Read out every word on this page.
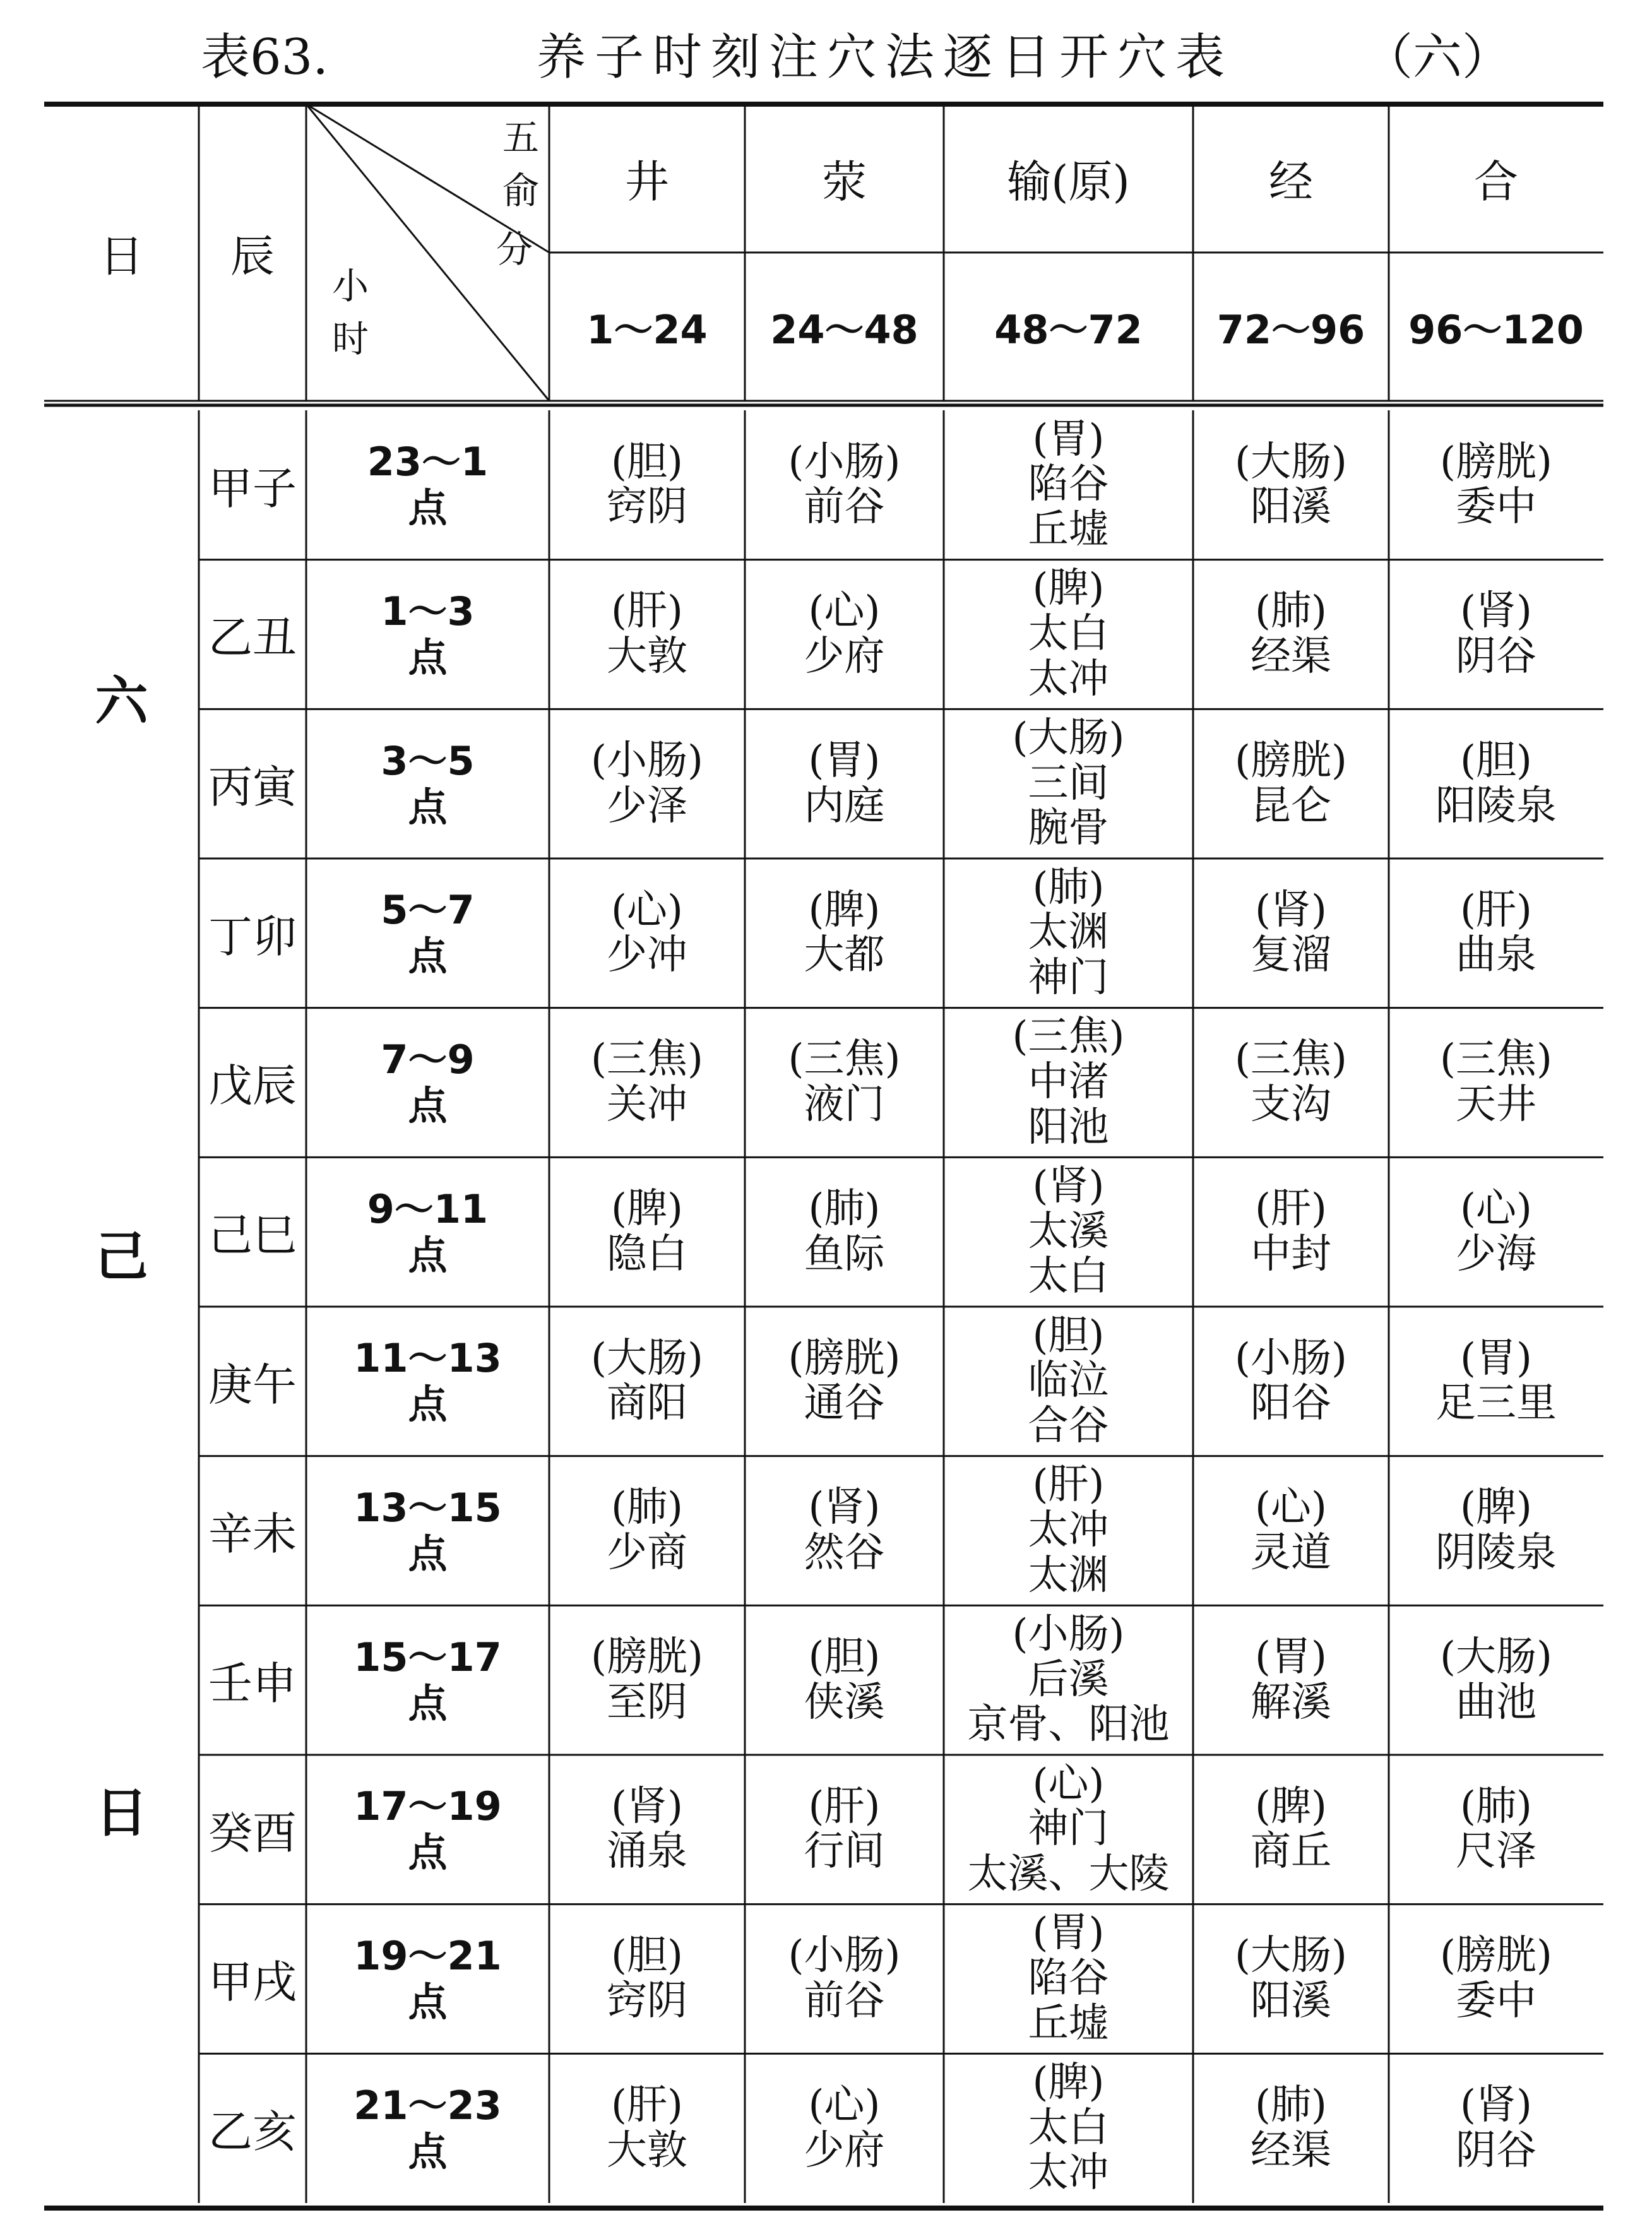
表63.	养子时刻注穴法逐日开穴表	（六）
日 辰
五
俞
小
时
分
井
1～24
荥
24～48
输(原)
48～72
经
72～96
合
96～120
六
己
日
甲子
23～1
点
(胆)
窍阴
(小肠)
前谷
(胃)
陷谷
丘墟
(大肠)
阳溪
(膀胱)
委中
乙丑
1～3
点
(肝)
大敦
(心)
少府
(脾)
太白
太冲
(肺)
经渠
(肾)
阴谷
丙寅
3～5
点
(小肠)
少泽
(胃)
内庭
(大肠)
三间
腕骨
(膀胱)
昆仑
(胆)
阳陵泉
丁卯
5～7
点
(心)
少冲
(脾)
大都
(肺)
太渊
神门
(肾)
复溜
(肝)
曲泉
戊辰
7～9
点
(三焦)
关冲
(三焦)
液门
(三焦)
中渚
阳池
(三焦)
支沟
(三焦)
天井
己巳
9～11
点
(脾)
隐白
(肺)
鱼际
(肾)
太溪
太白
(肝)
中封
(心)
少海
庚午
11～13
点
(大肠)
商阳
(膀胱)
通谷
(胆)
临泣
合谷
(小肠)
阳谷
(胃)
足三里
辛未
13～15
点
(肺)
少商
(肾)
然谷
(肝)
太冲
太渊
(心)
灵道
(脾)
阴陵泉
壬申
15～17
点
(膀胱)
至阴
(胆)
侠溪
(小肠)
后溪
京骨、阳池
(胃)
解溪
(大肠)
曲池
癸酉
17～19
点
(肾)
涌泉
(肝)
行间
(心)
神门
太溪、大陵
(脾)
商丘
(肺)
尺泽
甲戌
19～21
点
(胆)
窍阴
(小肠)
前谷
(胃)
陷谷
丘墟
(大肠)
阳溪
(膀胱)
委中
乙亥
21～23
点
(肝)
大敦
(心)
少府
(脾)
太白
太冲
(肺)
经渠
(肾)
阴谷
